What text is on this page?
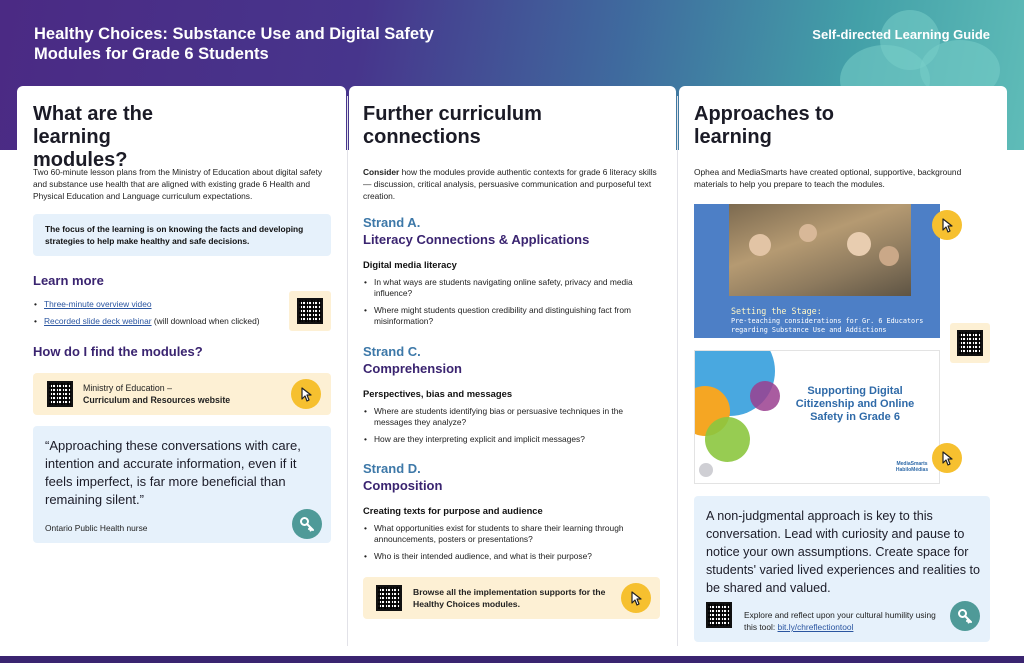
Healthy Choices: Substance Use and Digital Safety Modules for Grade 6 Students
Self-directed Learning Guide
What are the learning modules?
Two 60-minute lesson plans from the Ministry of Education about digital safety and substance use health that are aligned with existing grade 6 Health and Physical Education and Language curriculum expectations.
The focus of the learning is on knowing the facts and developing strategies to help make healthy and safe decisions.
Learn more
• Three-minute overview video
• Recorded slide deck webinar (will download when clicked)
How do I find the modules?
Ministry of Education –
Curriculum and Resources website
“Approaching these conversations with care, intention and accurate information, even if it feels imperfect, is far more beneficial than remaining silent.”
Ontario Public Health nurse
Further curriculum connections
Consider how the modules provide authentic contexts for grade 6 literacy skills — discussion, critical analysis, persuasive communication and purposeful text creation.
Strand A.
Literacy Connections & Applications
Digital media literacy
• In what ways are students navigating online safety, privacy and media influence?
• Where might students question credibility and distinguishing fact from misinformation?
Strand C.
Comprehension
Perspectives, bias and messages
• Where are students identifying bias or persuasive techniques in the messages they analyze?
• How are they interpreting explicit and implicit messages?
Strand D.
Composition
Creating texts for purpose and audience
• What opportunities exist for students to share their learning through announcements, posters or presentations?
• Who is their intended audience, and what is their purpose?
Browse all the implementation supports for the Healthy Choices modules.
Approaches to learning
Ophea and MediaSmarts have created optional, supportive, background materials to help you prepare to teach the modules.
Setting the Stage:
Pre-teaching considerations for Gr. 6 Educators regarding Substance Use and Addictions
Supporting Digital Citizenship and Online Safety in Grade 6
MediaSmarts HabiloMédias
A non-judgmental approach is key to this conversation. Lead with curiosity and pause to notice your own assumptions. Create space for students' varied lived experiences and realities to be shared and valued.
Explore and reflect upon your cultural humility using this tool: bit.ly/chreflectiontool
